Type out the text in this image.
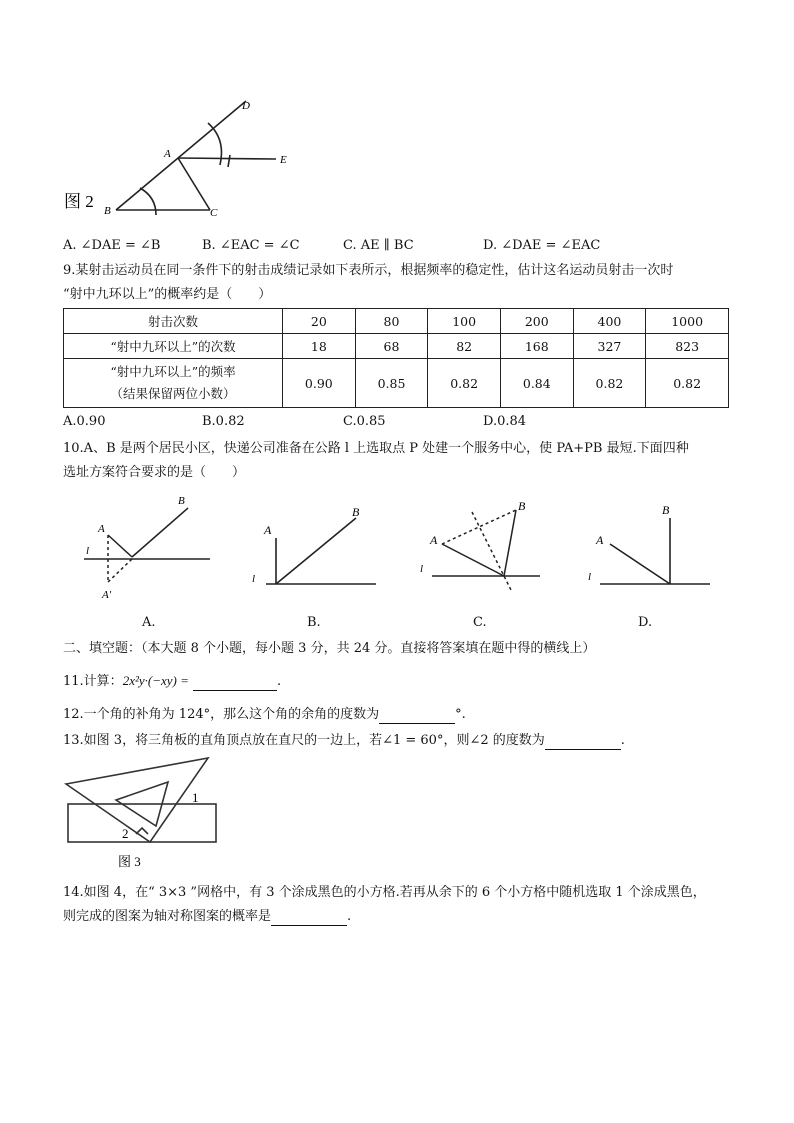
D
A	E
B	C
图 2
A. ∠DAE = ∠B	B. ∠EAC = ∠C	C. AE ∥ BC	D. ∠DAE = ∠EAC
9.某射击运动员在同一条件下的射击成绩记录如下表所示，根据频率的稳定性，估计这名运动员射击一次时
“射中九环以上”的概率约是（　　）
射击次数	20	80	100	200	400	1000
“射中九环以上”的次数	18	68	82	168	327	823
“射中九环以上”的频率
（结果保留两位小数）	0.90	0.85	0.82	0.84	0.82	0.82
A.0.90	B.0.82	C.0.85	D.0.84
10.A、B 是两个居民小区，快递公司准备在公路 l 上选取点 P 处建一个服务中心，使 PA+PB 最短.下面四种
选址方案符合要求的是（　　）
A
B
l
A′
A
B
l
A
B
l
A
B
l
A.	B.	C.	D.
二、填空题：（本大题 8 个小题，每小题 3 分，共 24 分。直接将答案填在题中得的横线上）
11.计算：2x²y·(−xy) =	.
12.一个角的补角为 124°，那么这个角的余角的度数为	°.
13.如图 3，将三角板的直角顶点放在直尺的一边上，若∠1 = 60°，则∠2 的度数为	.
1
2
图 3
14.如图 4，在“ 3×3 ”网格中，有 3 个涂成黑色的小方格.若再从余下的 6 个小方格中随机选取 1 个涂成黑色，
则完成的图案为轴对称图案的概率是	.
